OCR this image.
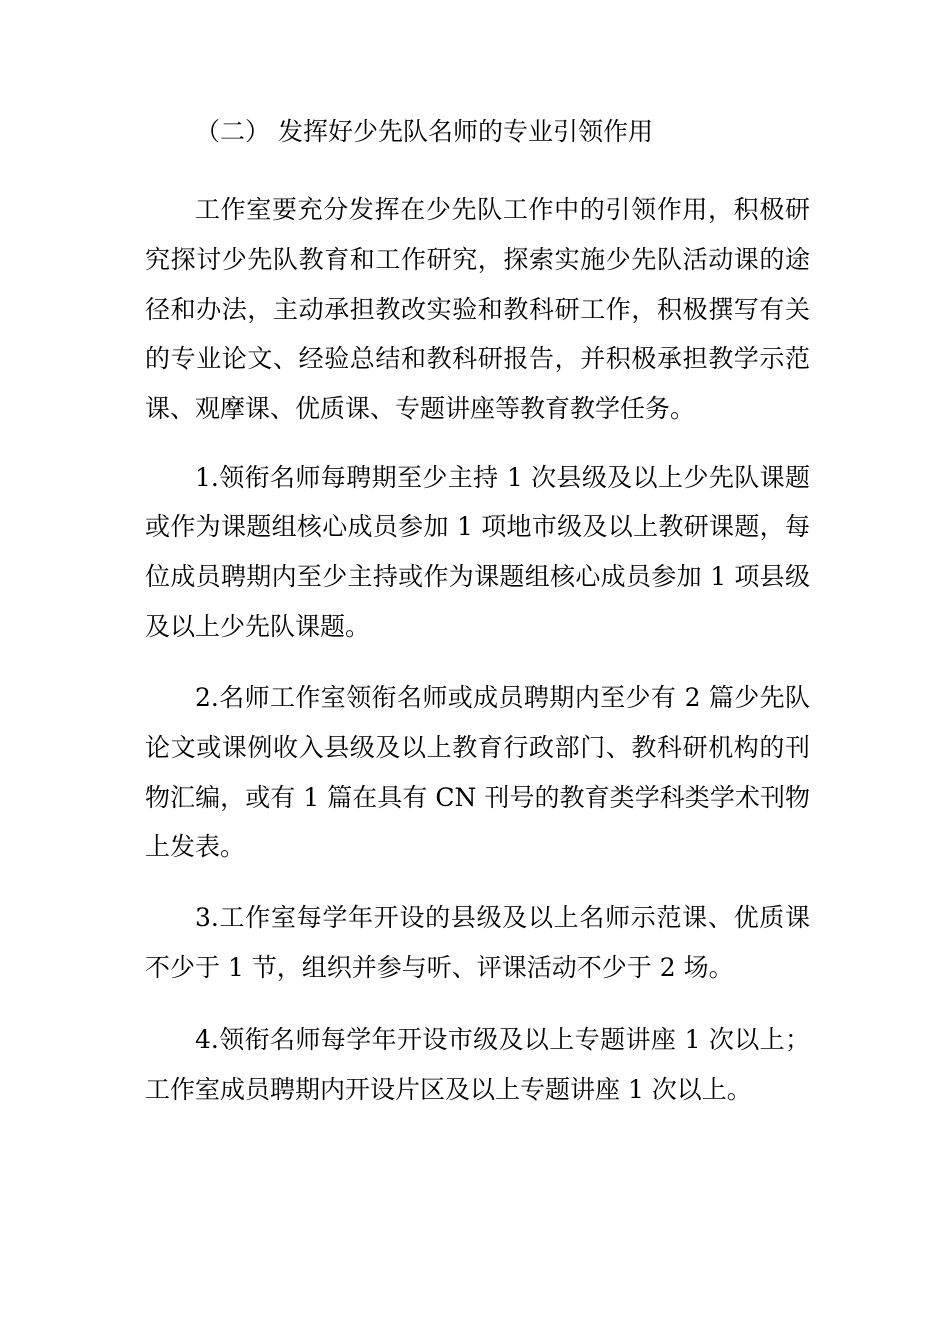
（二） 发挥好少先队名师的专业引领作用
工作室要充分发挥在少先队工作中的引领作用，积极研
究探讨少先队教育和工作研究，探索实施少先队活动课的途
径和办法，主动承担教改实验和教科研工作，积极撰写有关
的专业论文、经验总结和教科研报告，并积极承担教学示范
课、观摩课、优质课、专题讲座等教育教学任务。
1.领衔名师每聘期至少主持 1 次县级及以上少先队课题
或作为课题组核心成员参加 1 项地市级及以上教研课题，每
位成员聘期内至少主持或作为课题组核心成员参加 1 项县级
及以上少先队课题。
2.名师工作室领衔名师或成员聘期内至少有 2 篇少先队
论文或课例收入县级及以上教育行政部门、教科研机构的刊
物汇编，或有 1 篇在具有 CN 刊号的教育类学科类学术刊物
上发表。
3.工作室每学年开设的县级及以上名师示范课、优质课
不少于 1 节，组织并参与听、评课活动不少于 2 场。
4.领衔名师每学年开设市级及以上专题讲座 1 次以上；
工作室成员聘期内开设片区及以上专题讲座 1 次以上。
